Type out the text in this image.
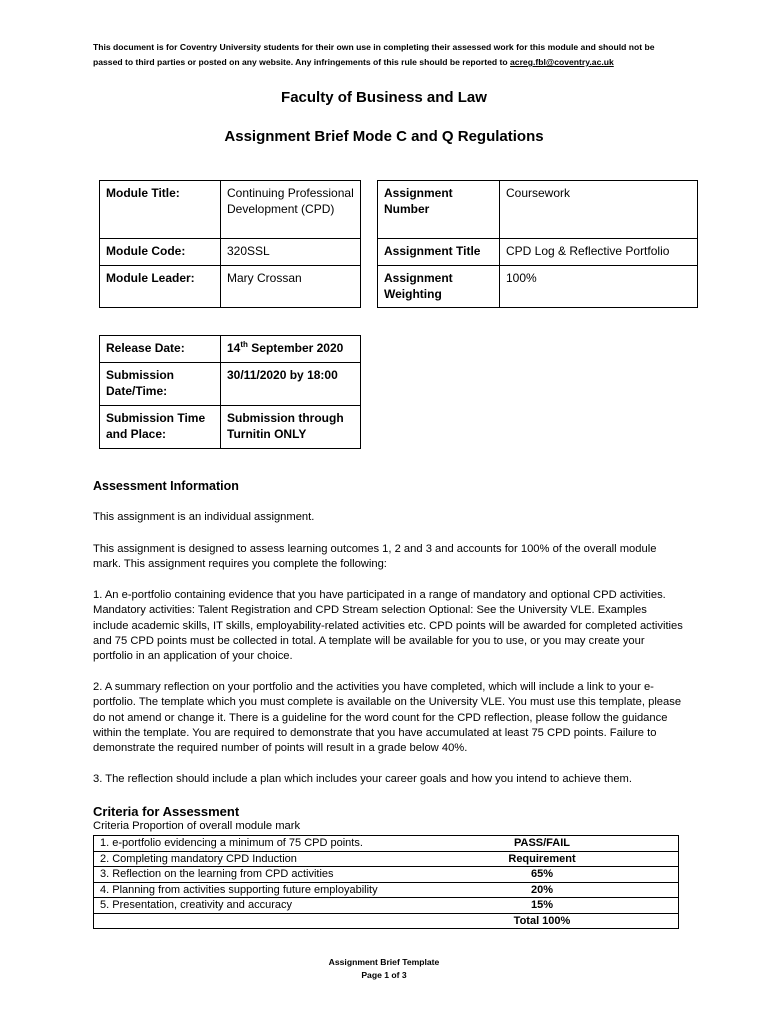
This document is for Coventry University students for their own use in completing their assessed work for this module and should not be passed to third parties or posted on any website. Any infringements of this rule should be reported to acreg.fbl@coventry.ac.uk
Faculty of Business and Law
Assignment Brief Mode C and Q Regulations
Module Title:	Continuing Professional Development (CPD)
Module Code:	320SSL
Module Leader:	Mary Crossan
Assignment Number	Coursework
Assignment Title	CPD Log & Reflective Portfolio
Assignment Weighting	100%
Release Date:	14th September 2020
Submission Date/Time:	30/11/2020 by 18:00
Submission Time and Place:	Submission through Turnitin ONLY
Assessment Information
This assignment is an individual assignment.
This assignment is designed to assess learning outcomes 1, 2 and 3 and accounts for 100% of the overall module mark. This assignment requires you complete the following:
1. An e-portfolio containing evidence that you have participated in a range of mandatory and optional CPD activities. Mandatory activities: Talent Registration and CPD Stream selection Optional: See the University VLE. Examples include academic skills, IT skills, employability-related activities etc. CPD points will be awarded for completed activities and 75 CPD points must be collected in total. A template will be available for you to use, or you may create your portfolio in an application of your choice.
2. A summary reflection on your portfolio and the activities you have completed, which will include a link to your e-portfolio. The template which you must complete is available on the University VLE. You must use this template, please do not amend or change it. There is a guideline for the word count for the CPD reflection, please follow the guidance within the template. You are required to demonstrate that you have accumulated at least 75 CPD points. Failure to demonstrate the required number of points will result in a grade below 40%.
3. The reflection should include a plan which includes your career goals and how you intend to achieve them.
Criteria for Assessment
Criteria Proportion of overall module mark
1. e-portfolio evidencing a minimum of 75 CPD points.	PASS/FAIL
2. Completing mandatory CPD Induction	Requirement
3. Reflection on the learning from CPD activities	65%
4. Planning from activities supporting future employability	20%
5. Presentation, creativity and accuracy	15%
	Total 100%
Assignment Brief Template
Page 1 of 3
